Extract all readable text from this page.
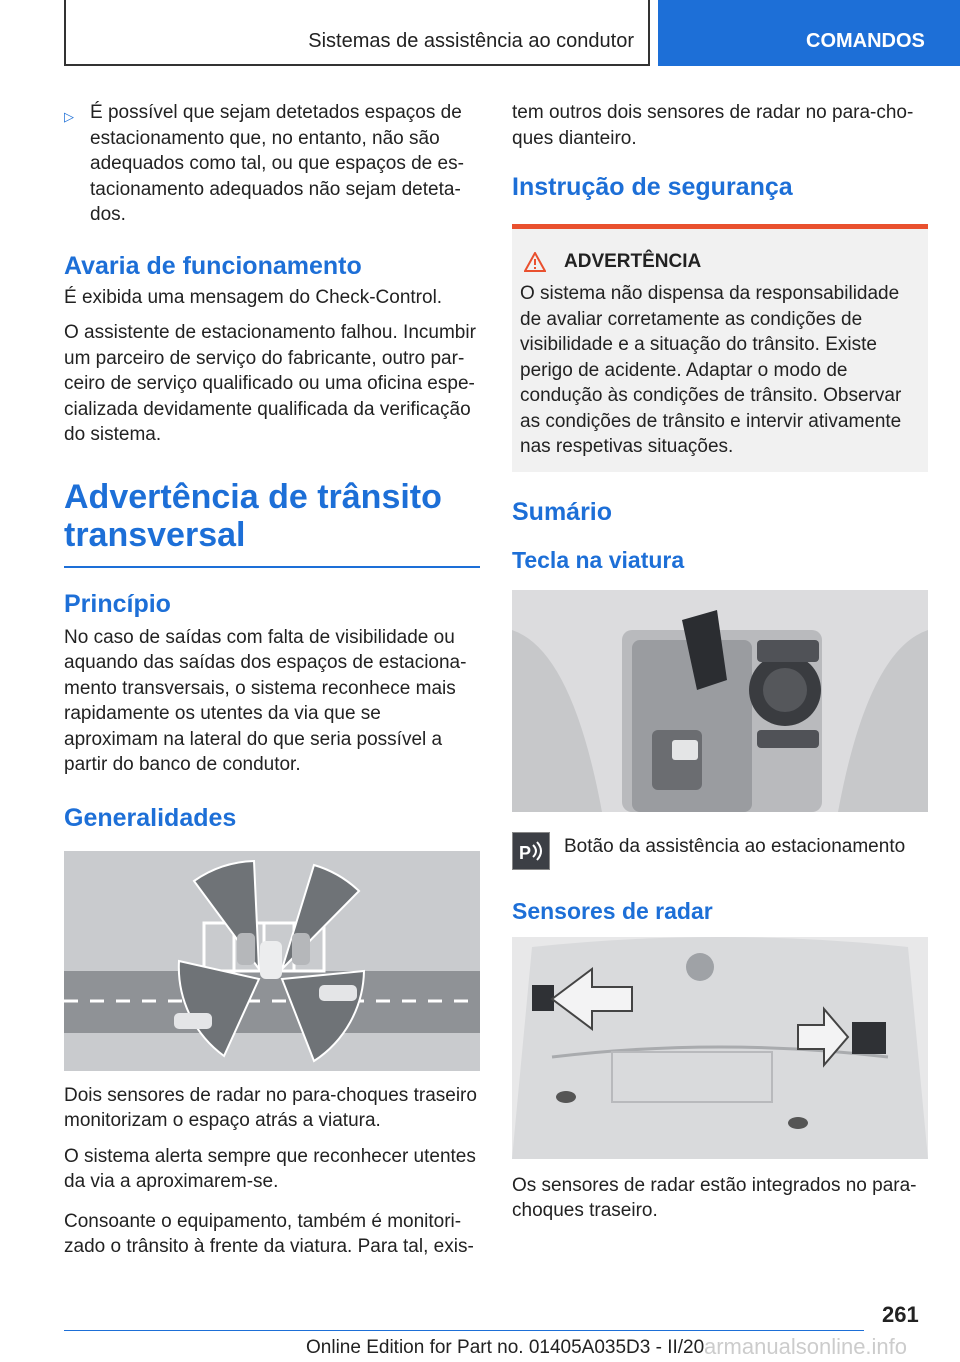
Sistemas de assistência ao condutor	COMANDOS
▷ É possível que sejam detetados espaços de estacionamento que, no entanto, não são adequados como tal, ou que espaços de estacionamento adequados não sejam detetados.
Avaria de funcionamento

É exibida uma mensagem do Check-Control.

O assistente de estacionamento falhou. Incumbir um parceiro de serviço do fabricante, outro parceiro de serviço qualificado ou uma oficina especializada devidamente qualificada da verificação do sistema.

Advertência de trânsito transversal
Princípio

No caso de saídas com falta de visibilidade ou aquando das saídas dos espaços de estacionamento transversais, o sistema reconhece mais rapidamente os utentes da via que se aproximam na lateral do que seria possível a partir do banco de condutor.

Generalidades

Dois sensores de radar no para-choques traseiro monitorizam o espaço atrás a viatura.

O sistema alerta sempre que reconhecer utentes da via a aproximarem-se.

Consoante o equipamento, também é monitorizado o trânsito à frente da viatura. Para tal, exis-

tem outros dois sensores de radar no para-choques dianteiro.

Instrução de segurança
ADVERTÊNCIA

O sistema não dispensa da responsabilidade de avaliar corretamente as condições de visibilidade e a situação do trânsito. Existe perigo de acidente. Adaptar o modo de condução às condições de trânsito. Observar as condições de trânsito e intervir ativamente nas respetivas situações.

Sumário
Tecla na viatura
P Botão da assistência ao estacionamento
Sensores de radar

Os sensores de radar estão integrados no para-choques traseiro.

261
Online Edition for Part no. 01405A035D3 - II/20 armanualsonline.info
